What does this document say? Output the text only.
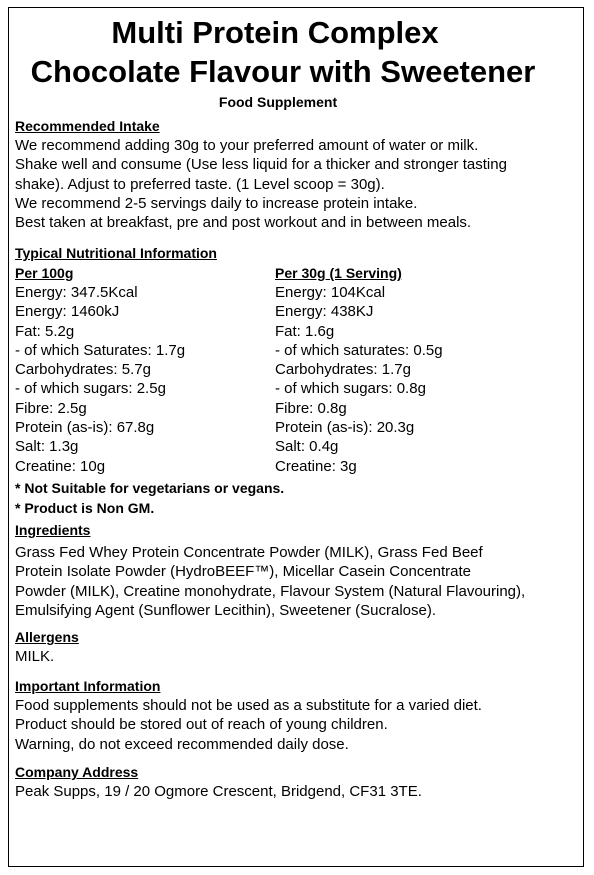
Multi Protein Complex
Chocolate Flavour with Sweetener
Food Supplement
Recommended Intake
We recommend adding 30g to your preferred amount of water or milk.
Shake well and consume (Use less liquid for a thicker and stronger tasting
shake). Adjust to preferred taste. (1 Level scoop = 30g).
We recommend 2-5 servings daily to increase protein intake.
Best taken at breakfast, pre and post workout and in between meals.
Typical Nutritional Information
Per 100g
Energy: 347.5Kcal
Energy: 1460kJ
Fat: 5.2g
- of which Saturates: 1.7g
Carbohydrates: 5.7g
- of which sugars: 2.5g
Fibre: 2.5g
Protein (as-is): 67.8g
Salt: 1.3g
Creatine: 10g
Per 30g (1 Serving)
Energy: 104Kcal
Energy: 438KJ
Fat: 1.6g
- of which saturates: 0.5g
Carbohydrates: 1.7g
- of which sugars: 0.8g
Fibre: 0.8g
Protein (as-is): 20.3g
Salt: 0.4g
Creatine: 3g
* Not Suitable for vegetarians or vegans.
* Product is Non GM.
Ingredients
Grass Fed Whey Protein Concentrate Powder (MILK), Grass Fed Beef
Protein Isolate Powder (HydroBEEF™), Micellar Casein Concentrate
Powder (MILK), Creatine monohydrate, Flavour System (Natural Flavouring),
Emulsifying Agent (Sunflower Lecithin), Sweetener (Sucralose).
Allergens
MILK.
Important Information
Food supplements should not be used as a substitute for a varied diet.
Product should be stored out of reach of young children.
Warning, do not exceed recommended daily dose.
Company Address
Peak Supps, 19 / 20 Ogmore Crescent, Bridgend, CF31 3TE.
